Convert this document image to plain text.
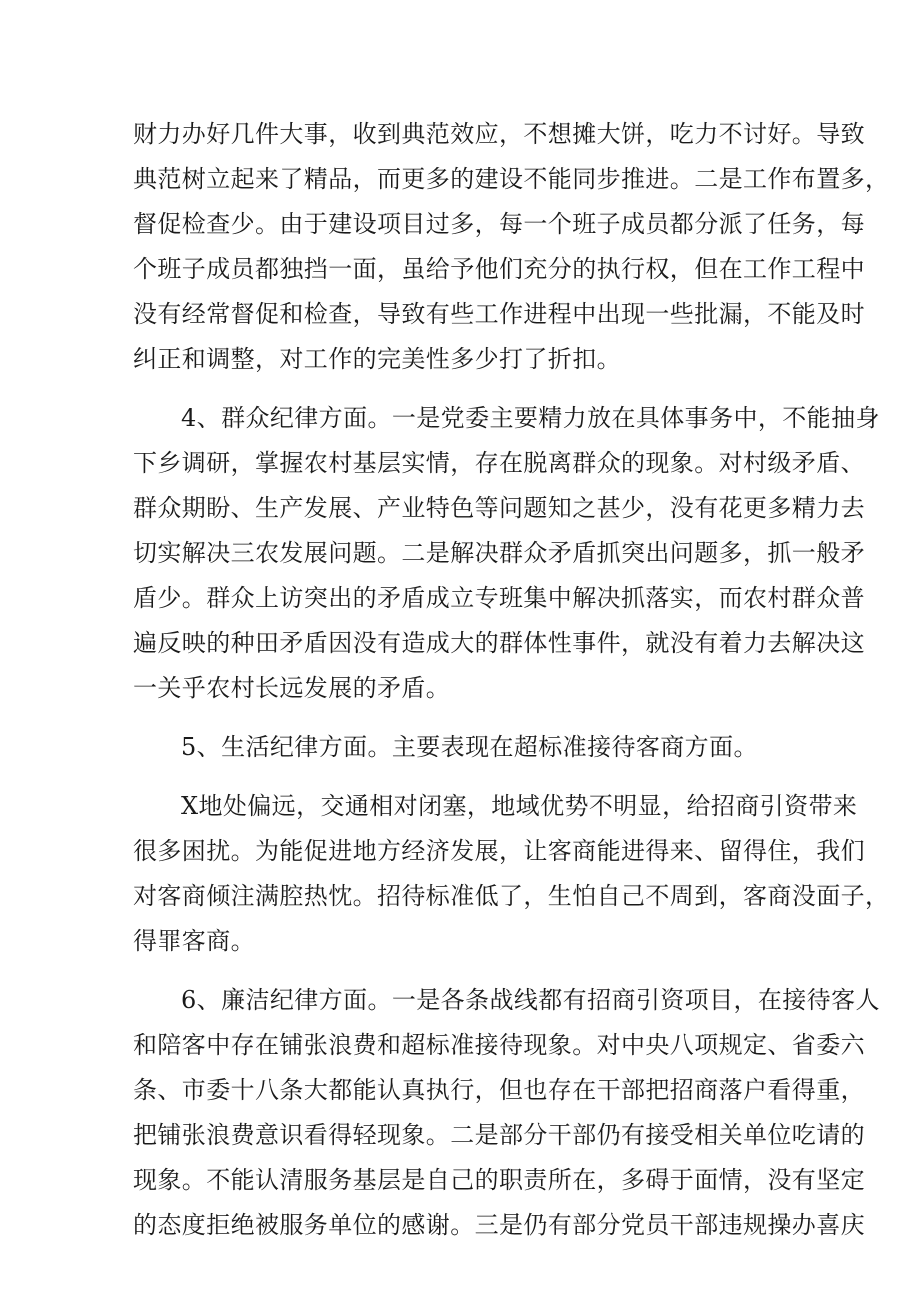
财力办好几件大事，收到典范效应，不想摊大饼，吃力不讨好。导致
典范树立起来了精品，而更多的建设不能同步推进。二是工作布置多，
督促检查少。由于建设项目过多，每一个班子成员都分派了任务，每
个班子成员都独挡一面，虽给予他们充分的执行权，但在工作工程中
没有经常督促和检查，导致有些工作进程中出现一些批漏，不能及时
纠正和调整，对工作的完美性多少打了折扣。
4、群众纪律方面。一是党委主要精力放在具体事务中，不能抽身
下乡调研，掌握农村基层实情，存在脱离群众的现象。对村级矛盾、
群众期盼、生产发展、产业特色等问题知之甚少，没有花更多精力去
切实解决三农发展问题。二是解决群众矛盾抓突出问题多，抓一般矛
盾少。群众上访突出的矛盾成立专班集中解决抓落实，而农村群众普
遍反映的种田矛盾因没有造成大的群体性事件，就没有着力去解决这
一关乎农村长远发展的矛盾。
5、生活纪律方面。主要表现在超标准接待客商方面。
X地处偏远，交通相对闭塞，地域优势不明显，给招商引资带来
很多困扰。为能促进地方经济发展，让客商能进得来、留得住，我们
对客商倾注满腔热忱。招待标准低了，生怕自己不周到，客商没面子，
得罪客商。
6、廉洁纪律方面。一是各条战线都有招商引资项目，在接待客人
和陪客中存在铺张浪费和超标准接待现象。对中央八项规定、省委六
条、市委十八条大都能认真执行，但也存在干部把招商落户看得重，
把铺张浪费意识看得轻现象。二是部分干部仍有接受相关单位吃请的
现象。不能认清服务基层是自己的职责所在，多碍于面情，没有坚定
的态度拒绝被服务单位的感谢。三是仍有部分党员干部违规操办喜庆
